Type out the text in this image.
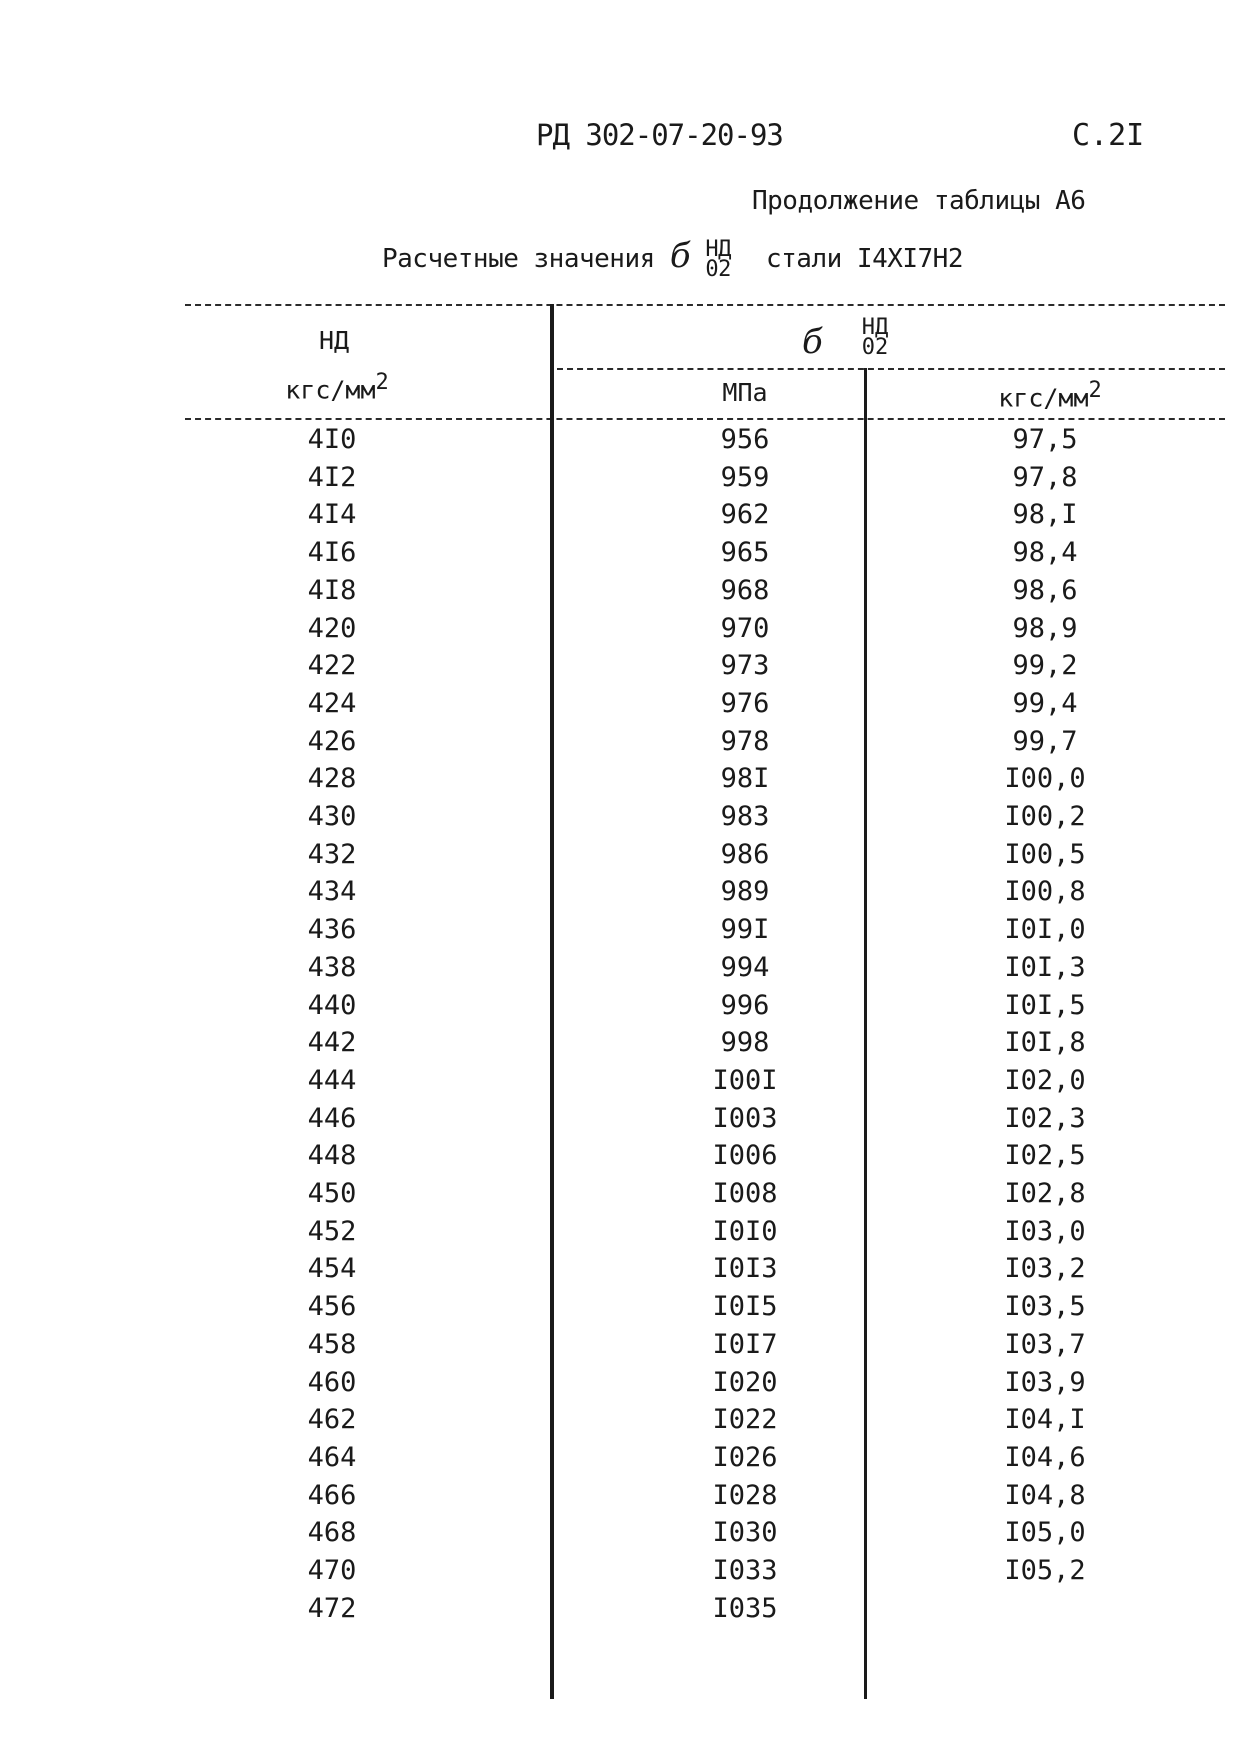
РД 302-07-20-93	С.2I
Продолжение таблицы А6
Расчетные значения б НД
02 стали I4XI7Н2
НД
кгс/$мм^2$
б	НД
02
МПа	кгс/$мм^2$
4I0	956	97,5
4I2	959	97,8
4I4	962	98,I
4I6	965	98,4
4I8	968	98,6
420	970	98,9
422	973	99,2
424	976	99,4
426	978	99,7
428	98I	I00,0
430	983	I00,2
432	986	I00,5
434	989	I00,8
436	99I	I0I,0
438	994	I0I,3
440	996	I0I,5
442	998	I0I,8
444	I00I	I02,0
446	I003	I02,3
448	I006	I02,5
450	I008	I02,8
452	I0I0	I03,0
454	I0I3	I03,2
456	I0I5	I03,5
458	I0I7	I03,7
460	I020	I03,9
462	I022	I04,I
464	I026	I04,6
466	I028	I04,8
468	I030	I05,0
470	I033	I05,2
472	I035
